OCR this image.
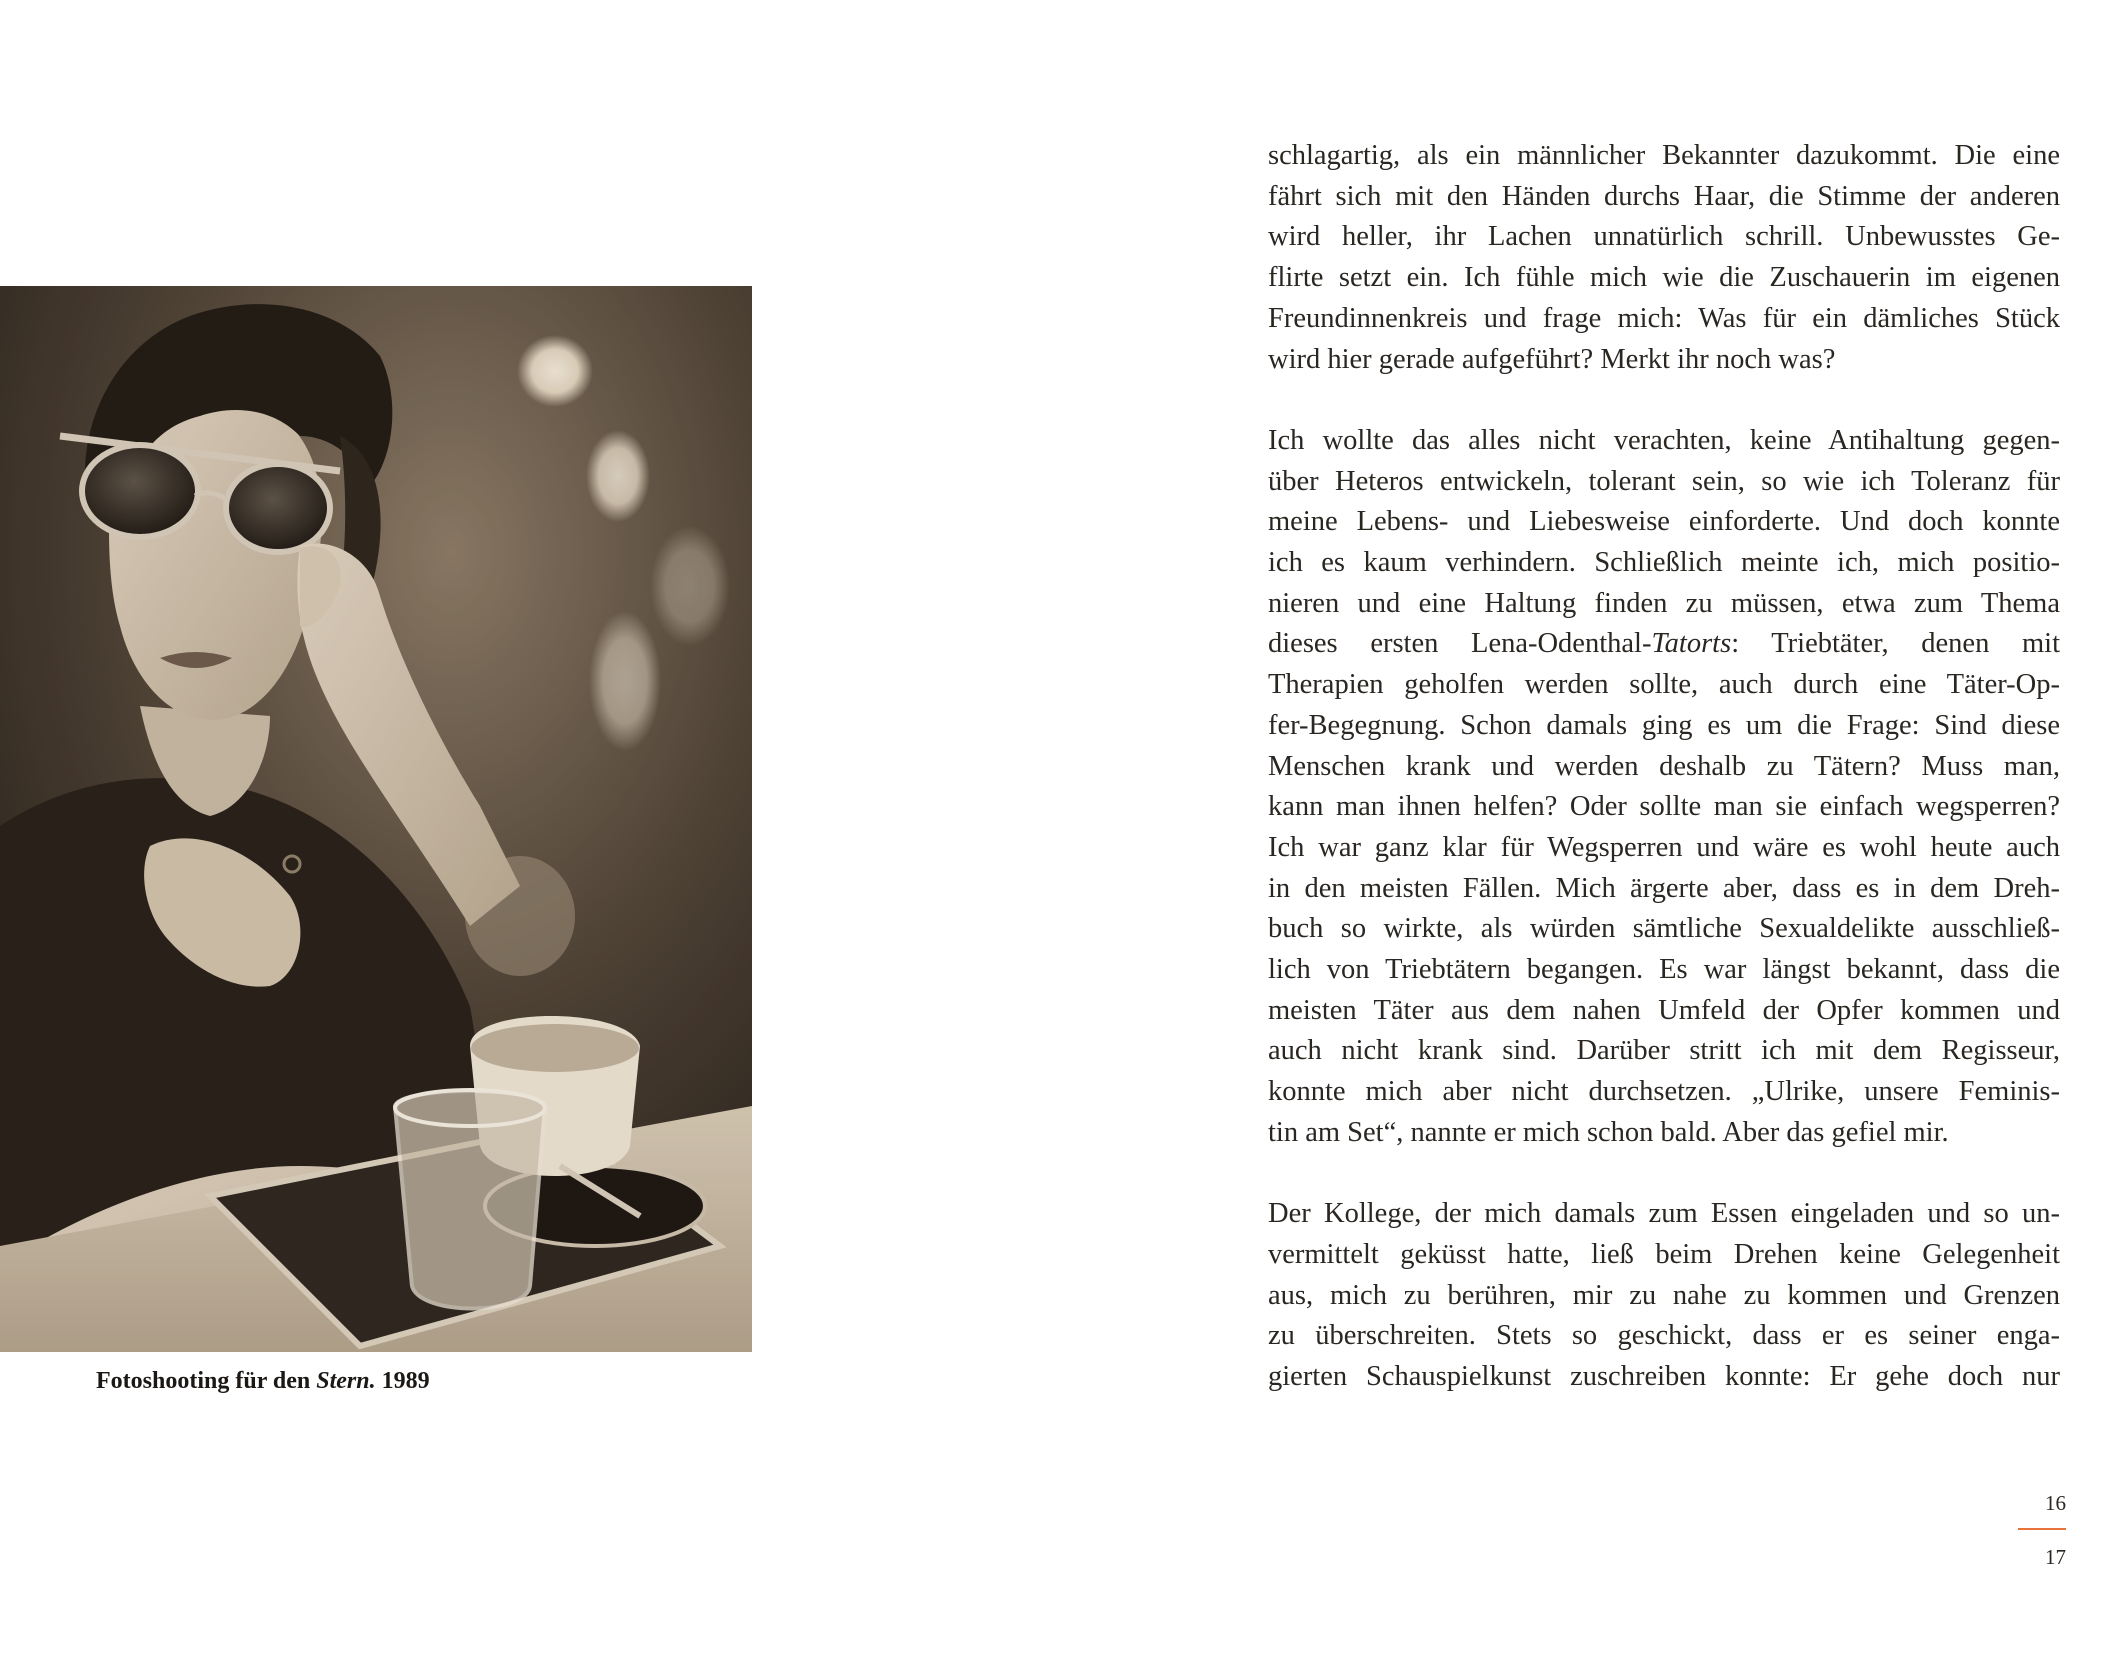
Fotoshooting für den Stern. 1989

schlagartig, als ein männlicher Bekannter dazukommt. Die eine
fährt sich mit den Händen durchs Haar, die Stimme der anderen
wird heller, ihr Lachen unnatürlich schrill. Unbewusstes Ge-
flirte setzt ein. Ich fühle mich wie die Zuschauerin im eigenen
Freundinnenkreis und frage mich: Was für ein dämliches Stück
wird hier gerade aufgeführt? Merkt ihr noch was?

Ich wollte das alles nicht verachten, keine Antihaltung gegen-
über Heteros entwickeln, tolerant sein, so wie ich Toleranz für
meine Lebens- und Liebesweise einforderte. Und doch konnte
ich es kaum verhindern. Schließlich meinte ich, mich positio-
nieren und eine Haltung finden zu müssen, etwa zum Thema
dieses ersten Lena-Odenthal-Tatorts: Triebtäter, denen mit
Therapien geholfen werden sollte, auch durch eine Täter-Op-
fer-Begegnung. Schon damals ging es um die Frage: Sind diese
Menschen krank und werden deshalb zu Tätern? Muss man,
kann man ihnen helfen? Oder sollte man sie einfach wegsperren?
Ich war ganz klar für Wegsperren und wäre es wohl heute auch
in den meisten Fällen. Mich ärgerte aber, dass es in dem Dreh-
buch so wirkte, als würden sämtliche Sexualdelikte ausschließ-
lich von Triebtätern begangen. Es war längst bekannt, dass die
meisten Täter aus dem nahen Umfeld der Opfer kommen und
auch nicht krank sind. Darüber stritt ich mit dem Regisseur,
konnte mich aber nicht durchsetzen. „Ulrike, unsere Feminis-
tin am Set“, nannte er mich schon bald. Aber das gefiel mir.

Der Kollege, der mich damals zum Essen eingeladen und so un-
vermittelt geküsst hatte, ließ beim Drehen keine Gelegenheit
aus, mich zu berühren, mir zu nahe zu kommen und Grenzen
zu überschreiten. Stets so geschickt, dass er es seiner enga-
gierten Schauspielkunst zuschreiben konnte: Er gehe doch nur

16
17
